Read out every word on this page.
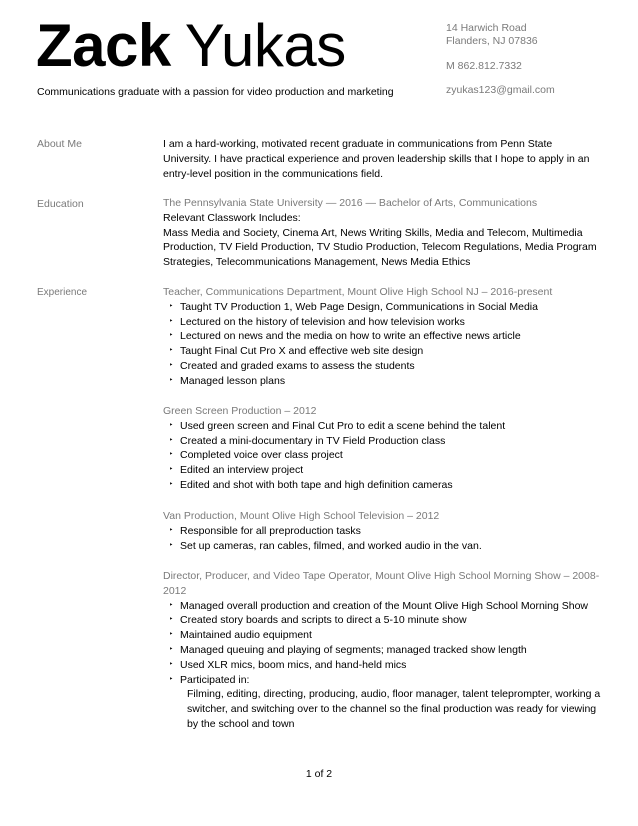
Zack Yukas
Communications graduate with a passion for video production and marketing
14 Harwich Road
Flanders, NJ 07836
M 862.812.7332
zyukas123@gmail.com
About Me	I am a hard-working, motivated recent graduate in communications from Penn State
University. I have practical experience and proven leadership skills that I hope to apply in an
entry-level position in the communications field.
Education	The Pennsylvania State University — 2016 — Bachelor of Arts, Communications
Relevant Classwork Includes:
Mass Media and Society, Cinema Art, News Writing Skills, Media and Telecom, Multimedia
Production, TV Field Production, TV Studio Production, Telecom Regulations, Media Program
Strategies, Telecommunications Management, News Media Ethics
Experience	Teacher, Communications Department, Mount Olive High School NJ – 2016-present
‣ Taught TV Production 1, Web Page Design, Communications in Social Media
‣ Lectured on the history of television and how television works
‣ Lectured on news and the media on how to write an effective news article
‣ Taught Final Cut Pro X and effective web site design
‣ Created and graded exams to assess the students
‣ Managed lesson plans
Green Screen Production – 2012
‣ Used green screen and Final Cut Pro to edit a scene behind the talent
‣ Created a mini-documentary in TV Field Production class
‣ Completed voice over class project
‣ Edited an interview project
‣ Edited and shot with both tape and high definition cameras
Van Production, Mount Olive High School Television – 2012
‣ Responsible for all preproduction tasks
‣ Set up cameras, ran cables, filmed, and worked audio in the van.
Director, Producer, and Video Tape Operator, Mount Olive High School Morning Show – 2008-
2012
‣ Managed overall production and creation of the Mount Olive High School Morning Show
‣ Created story boards and scripts to direct a 5-10 minute show
‣ Maintained audio equipment
‣ Managed queuing and playing of segments; managed tracked show length
‣ Used XLR mics, boom mics, and hand-held mics
‣ Participated in:
Filming, editing, directing, producing, audio, floor manager, talent teleprompter, working a
switcher, and switching over to the channel so the final production was ready for viewing
by the school and town
1 of 2
